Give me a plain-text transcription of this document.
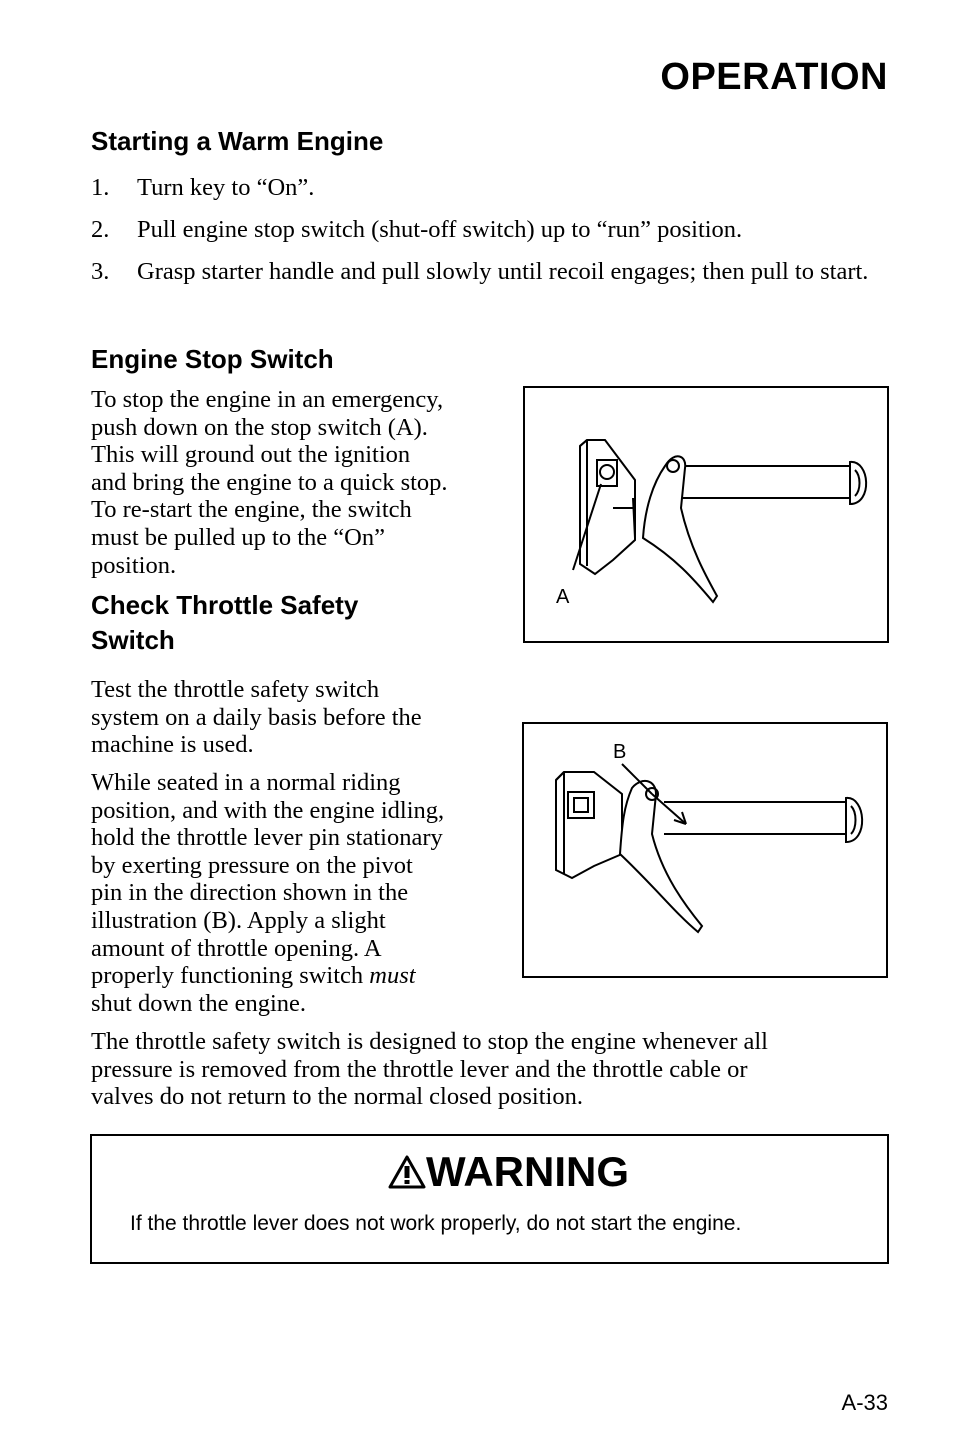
OPERATION
Starting a Warm Engine
1. Turn key to “On”.
2. Pull engine stop switch (shut-off switch) up to “run” position.
3. Grasp starter handle and pull slowly until recoil engages; then pull to start.
Engine Stop Switch
To stop the engine in an emergency,
push down on the stop switch (A).
This will ground out the ignition
and bring the engine to a quick stop.
To re-start the engine, the switch
must be pulled up to the “On”
position.
A
Check Throttle Safety
Switch
Test the throttle safety switch
system on a daily basis before the
machine is used.
While seated in a normal riding
position, and with the engine idling,
hold the throttle lever pin stationary
by exerting pressure on the pivot
pin in the direction shown in the
illustration (B). Apply a slight
amount of throttle opening. A
properly functioning switch must
shut down the engine.
B
The throttle safety switch is designed to stop the engine whenever all
pressure is removed from the throttle lever and the throttle cable or
valves do not return to the normal closed position.
WARNING
If the throttle lever does not work properly, do not start the engine.
A-33
